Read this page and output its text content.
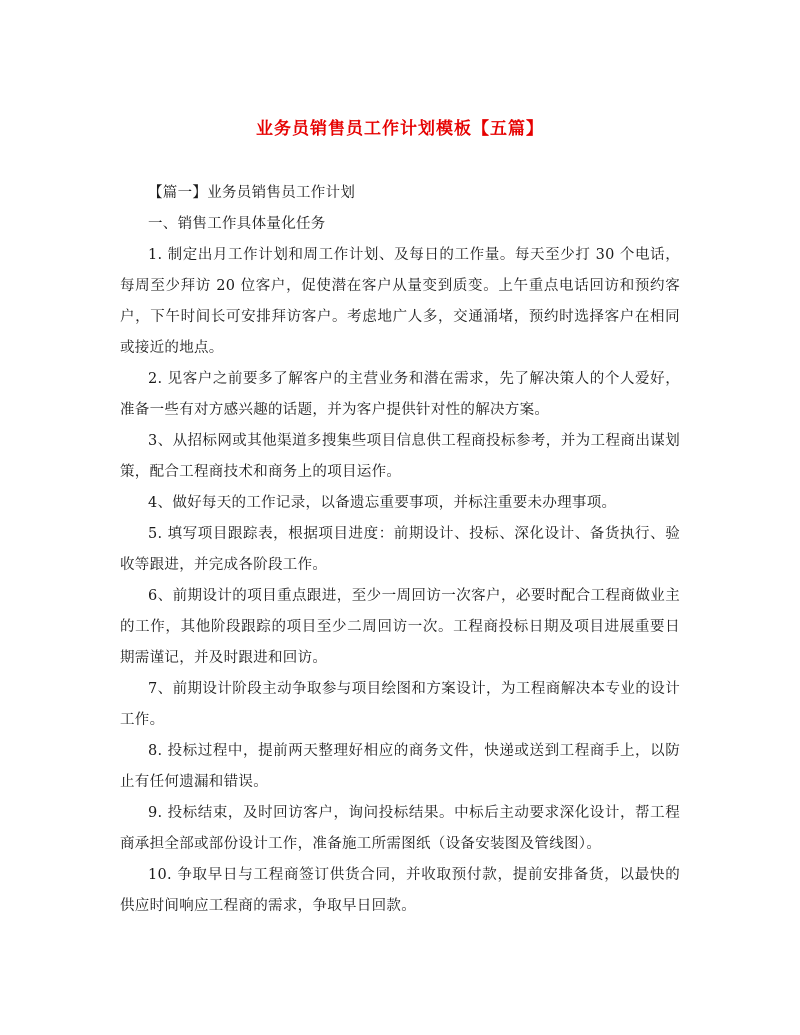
业务员销售员工作计划模板【五篇】

【篇一】业务员销售员工作计划

一、销售工作具体量化任务

1. 制定出月工作计划和周工作计划、及每日的工作量。每天至少打 30 个电话，每周至少拜访 20 位客户，促使潜在客户从量变到质变。上午重点电话回访和预约客户，下午时间长可安排拜访客户。考虑地广人多，交通涌堵，预约时选择客户在相同或接近的地点。

2. 见客户之前要多了解客户的主营业务和潜在需求，先了解决策人的个人爱好，准备一些有对方感兴趣的话题，并为客户提供针对性的解决方案。

3、从招标网或其他渠道多搜集些项目信息供工程商投标参考，并为工程商出谋划策，配合工程商技术和商务上的项目运作。

4、做好每天的工作记录，以备遗忘重要事项，并标注重要未办理事项。

5. 填写项目跟踪表，根据项目进度：前期设计、投标、深化设计、备货执行、验收等跟进，并完成各阶段工作。

6、前期设计的项目重点跟进，至少一周回访一次客户，必要时配合工程商做业主的工作，其他阶段跟踪的项目至少二周回访一次。工程商投标日期及项目进展重要日期需谨记，并及时跟进和回访。

7、前期设计阶段主动争取参与项目绘图和方案设计，为工程商解决本专业的设计工作。

8. 投标过程中，提前两天整理好相应的商务文件，快递或送到工程商手上，以防止有任何遗漏和错误。

9. 投标结束，及时回访客户，询问投标结果。中标后主动要求深化设计，帮工程商承担全部或部份设计工作，准备施工所需图纸（设备安装图及管线图）。

10. 争取早日与工程商签订供货合同，并收取预付款，提前安排备货，以最快的供应时间响应工程商的需求，争取早日回款。
